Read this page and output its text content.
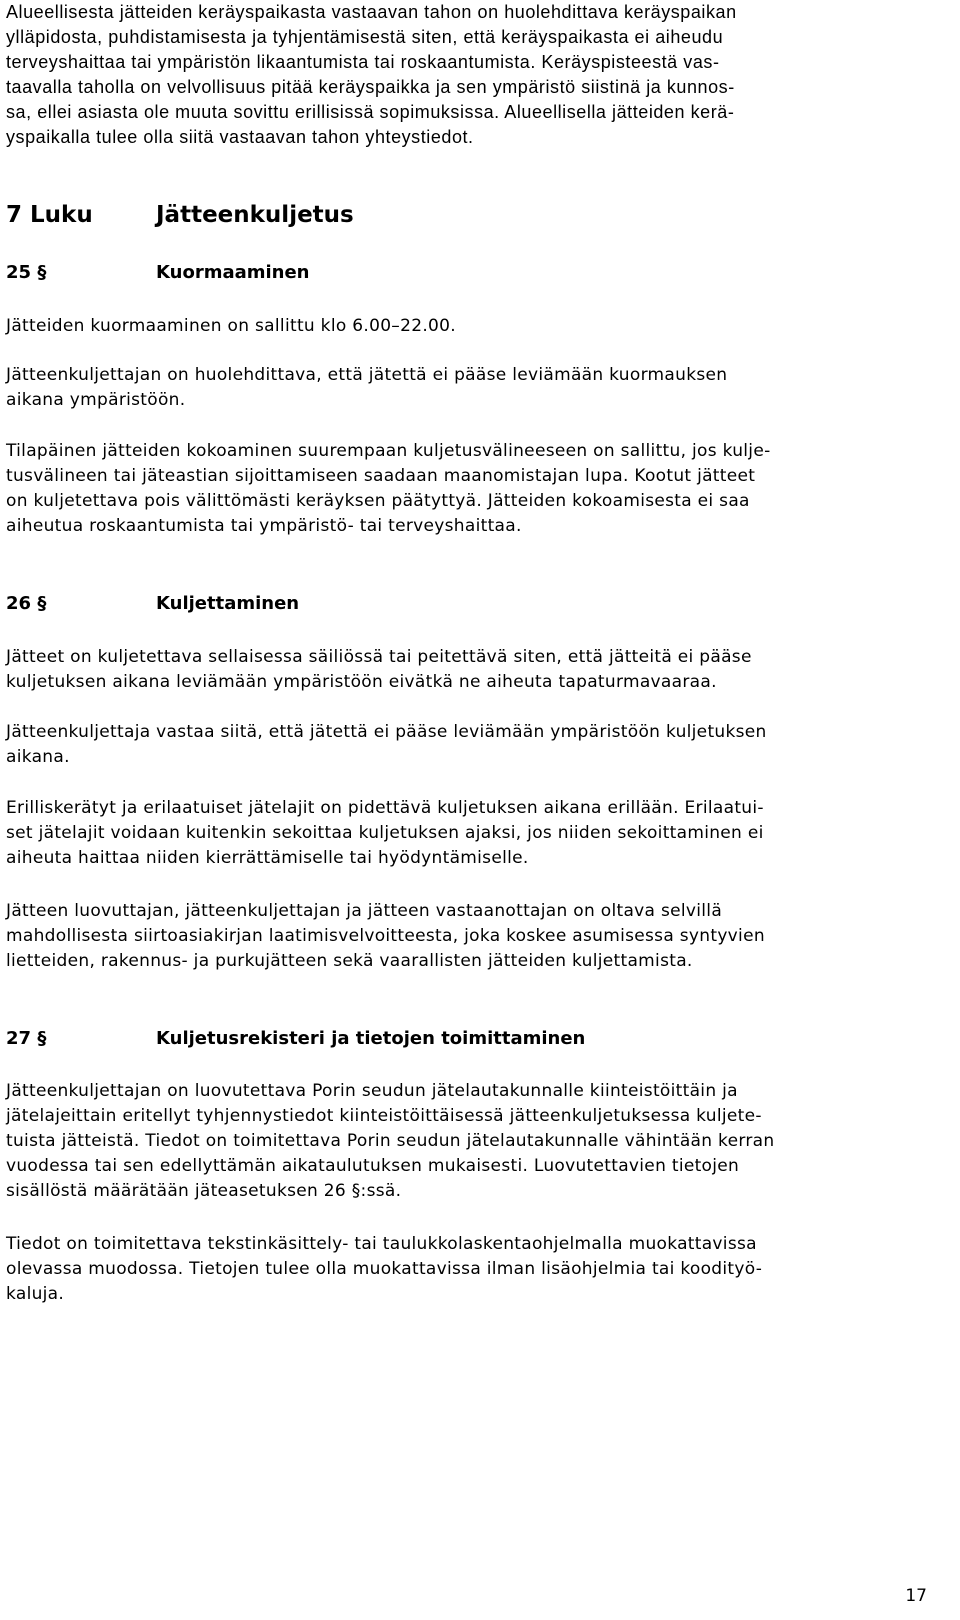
Alueellisesta jätteiden keräyspaikasta vastaavan tahon on huolehdittava keräyspaikan
ylläpidosta, puhdistamisesta ja tyhjentämisestä siten, että keräyspaikasta ei aiheudu
terveyshaittaa tai ympäristön likaantumista tai roskaantumista. Keräyspisteestä vas-
taavalla taholla on velvollisuus pitää keräyspaikka ja sen ympäristö siistinä ja kunnos-
sa, ellei asiasta ole muuta sovittu erillisissä sopimuksissa. Alueellisella jätteiden kerä-
yspaikalla tulee olla siitä vastaavan tahon yhteystiedot.

7 Luku	Jätteenkuljetus
25 §	Kuormaaminen

Jätteiden kuormaaminen on sallittu klo 6.00–22.00.

Jätteenkuljettajan on huolehdittava, että jätettä ei pääse leviämään kuormauksen
aikana ympäristöön.

Tilapäinen jätteiden kokoaminen suurempaan kuljetusvälineeseen on sallittu, jos kulje-
tusvälineen tai jäteastian sijoittamiseen saadaan maanomistajan lupa. Kootut jätteet
on kuljetettava pois välittömästi keräyksen päätyttyä. Jätteiden kokoamisesta ei saa
aiheutua roskaantumista tai ympäristö- tai terveyshaittaa.

26 §	Kuljettaminen

Jätteet on kuljetettava sellaisessa säiliössä tai peitettävä siten, että jätteitä ei pääse
kuljetuksen aikana leviämään ympäristöön eivätkä ne aiheuta tapaturmavaaraa.

Jätteenkuljettaja vastaa siitä, että jätettä ei pääse leviämään ympäristöön kuljetuksen
aikana.

Erilliskerätyt ja erilaatuiset jätelajit on pidettävä kuljetuksen aikana erillään. Erilaatui-
set jätelajit voidaan kuitenkin sekoittaa kuljetuksen ajaksi, jos niiden sekoittaminen ei
aiheuta haittaa niiden kierrättämiselle tai hyödyntämiselle.

Jätteen luovuttajan, jätteenkuljettajan ja jätteen vastaanottajan on oltava selvillä
mahdollisesta siirtoasiakirjan laatimisvelvoitteesta, joka koskee asumisessa syntyvien
lietteiden, rakennus- ja purkujätteen sekä vaarallisten jätteiden kuljettamista.

27 §	Kuljetusrekisteri ja tietojen toimittaminen

Jätteenkuljettajan on luovutettava Porin seudun jätelautakunnalle kiinteistöittäin ja
jätelajeittain eritellyt tyhjennystiedot kiinteistöittäisessä jätteenkuljetuksessa kuljete-
tuista jätteistä. Tiedot on toimitettava Porin seudun jätelautakunnalle vähintään kerran
vuodessa tai sen edellyttämän aikataulutuksen mukaisesti. Luovutettavien tietojen
sisällöstä määrätään jäteasetuksen 26 §:ssä.

Tiedot on toimitettava tekstinkäsittely- tai taulukkolaskentaohjelmalla muokattavissa
olevassa muodossa. Tietojen tulee olla muokattavissa ilman lisäohjelmia tai koodityö-
kaluja.

17
